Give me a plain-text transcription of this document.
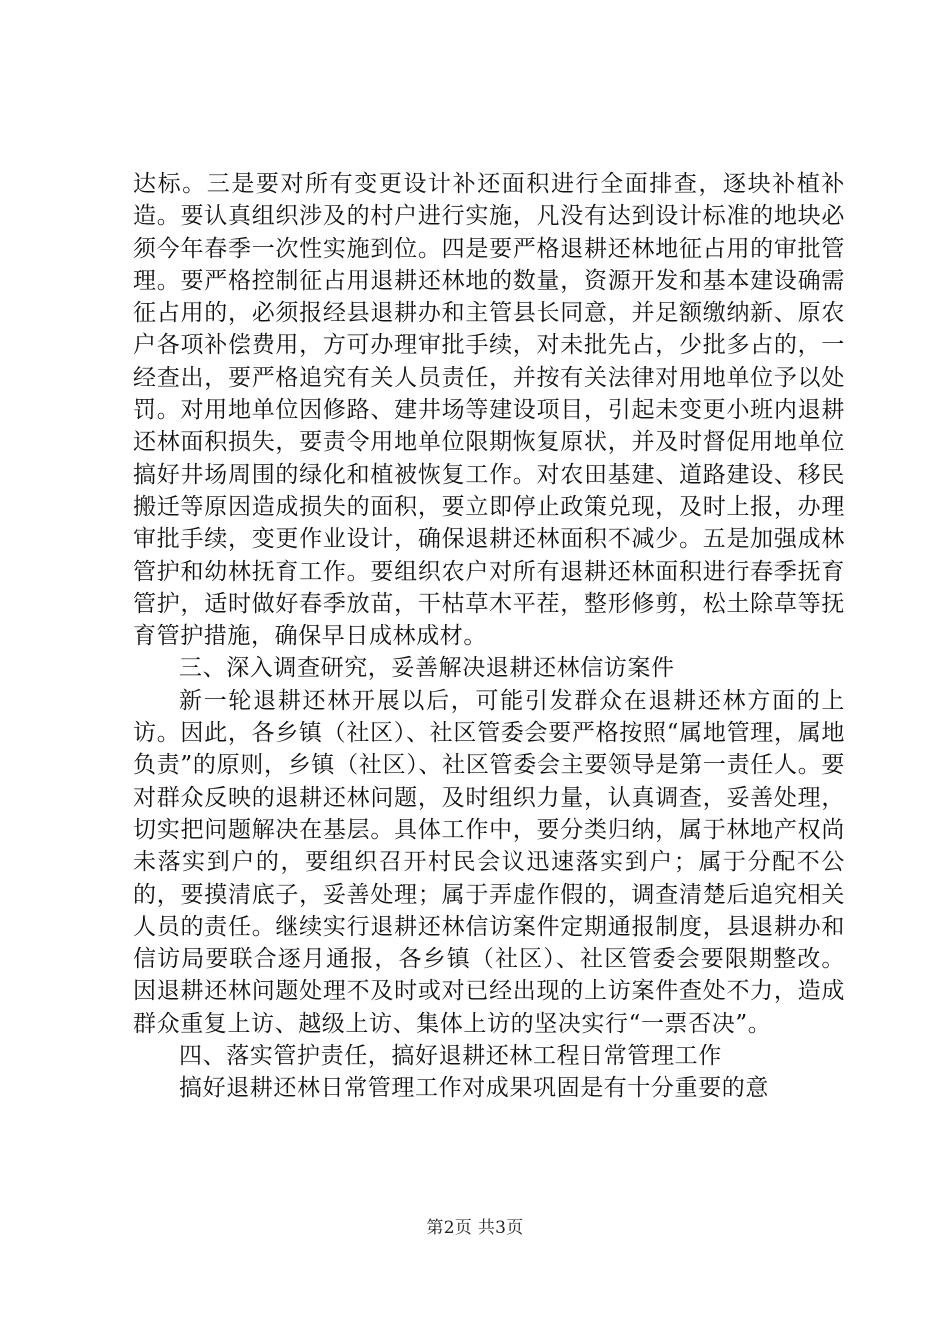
达标。三是要对所有变更设计补还面积进行全面排查，逐块补植补造。要认真组织涉及的村户进行实施，凡没有达到设计标准的地块必须今年春季一次性实施到位。四是要严格退耕还林地征占用的审批管理。要严格控制征占用退耕还林地的数量，资源开发和基本建设确需征占用的，必须报经县退耕办和主管县长同意，并足额缴纳新、原农户各项补偿费用，方可办理审批手续，对未批先占，少批多占的，一经查出，要严格追究有关人员责任，并按有关法律对用地单位予以处罚。对用地单位因修路、建井场等建设项目，引起未变更小班内退耕还林面积损失，要责令用地单位限期恢复原状，并及时督促用地单位搞好井场周围的绿化和植被恢复工作。对农田基建、道路建设、移民搬迁等原因造成损失的面积，要立即停止政策兑现，及时上报，办理审批手续，变更作业设计，确保退耕还林面积不减少。五是加强成林管护和幼林抚育工作。要组织农户对所有退耕还林面积进行春季抚育管护，适时做好春季放苗，干枯草木平茬，整形修剪，松土除草等抚育管护措施，确保早日成林成材。

三、深入调查研究，妥善解决退耕还林信访案件

新一轮退耕还林开展以后，可能引发群众在退耕还林方面的上访。因此，各乡镇（社区）、社区管委会要严格按照“属地管理，属地负责”的原则，乡镇（社区）、社区管委会主要领导是第一责任人。要对群众反映的退耕还林问题，及时组织力量，认真调查，妥善处理，切实把问题解决在基层。具体工作中，要分类归纳，属于林地产权尚未落实到户的，要组织召开村民会议迅速落实到户；属于分配不公的，要摸清底子，妥善处理；属于弄虚作假的，调查清楚后追究相关人员的责任。继续实行退耕还林信访案件定期通报制度，县退耕办和信访局要联合逐月通报，各乡镇（社区）、社区管委会要限期整改。因退耕还林问题处理不及时或对已经出现的上访案件查处不力，造成群众重复上访、越级上访、集体上访的坚决实行“一票否决”。

四、落实管护责任，搞好退耕还林工程日常管理工作

搞好退耕还林日常管理工作对成果巩固是有十分重要的意

第2页 共3页
